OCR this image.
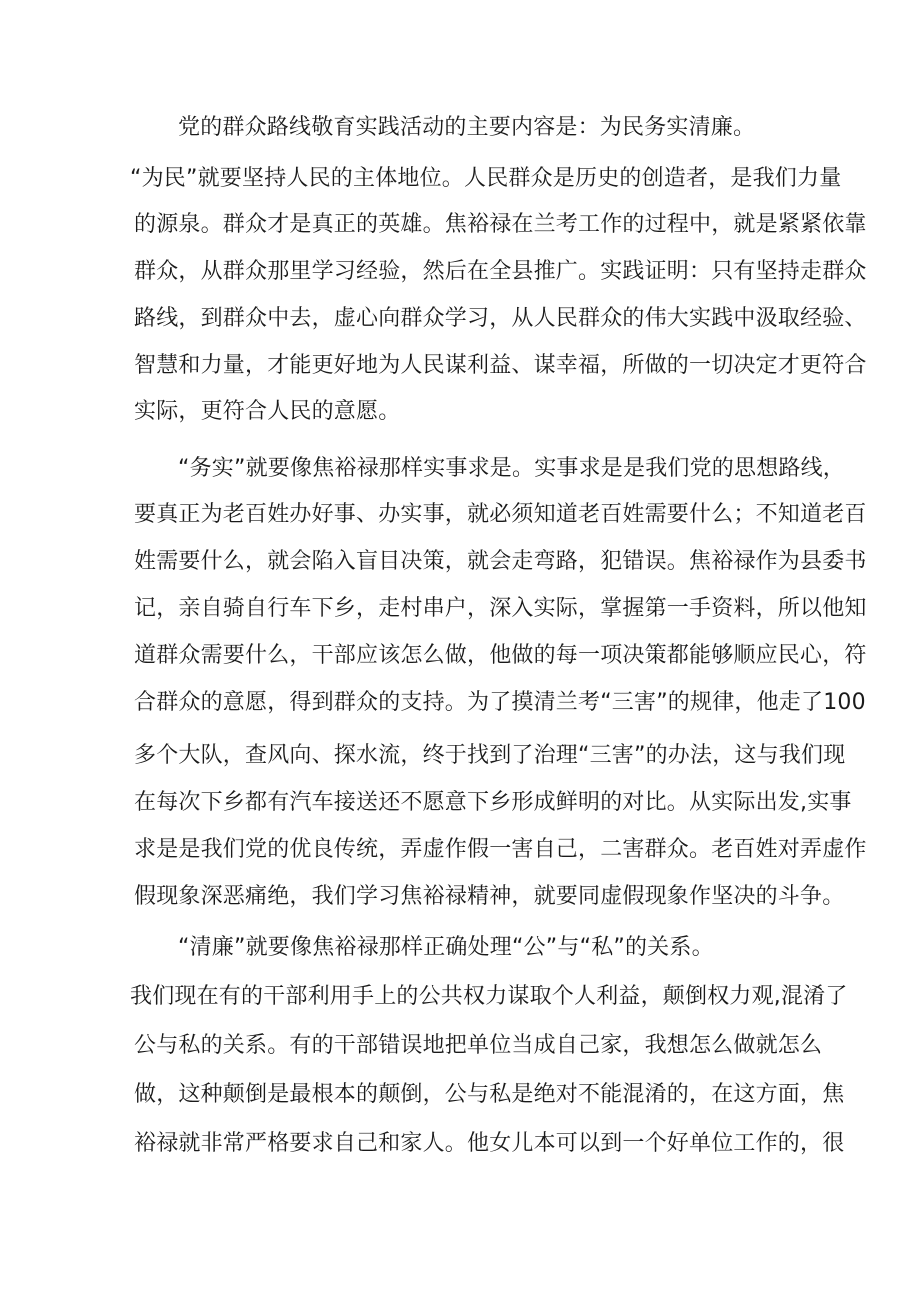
党的群众路线敬育实践活动的主要内容是：为民务实清廉。

“为民”就要坚持人民的主体地位。人民群众是历史的创造者，是我们力量

的源泉。群众才是真正的英雄。焦裕禄在兰考工作的过程中，就是紧紧依靠

群众，从群众那里学习经验，然后在全县推广。实践证明：只有坚持走群众

路线，到群众中去，虚心向群众学习，从人民群众的伟大实践中汲取经验、

智慧和力量，才能更好地为人民谋利益、谋幸福，所做的一切决定才更符合

实际，更符合人民的意愿。

“务实”就要像焦裕禄那样实事求是。实事求是是我们党的思想路线，

要真正为老百姓办好事、办实事，就必须知道老百姓需要什么；不知道老百

姓需要什么，就会陷入盲目决策，就会走弯路，犯错误。焦裕禄作为县委书

记，亲自骑自行车下乡，走村串户，深入实际，掌握第一手资料，所以他知

道群众需要什么，干部应该怎么做，他做的每一项决策都能够顺应民心，符

合群众的意愿，得到群众的支持。为了摸清兰考“三害”的规律，他走了100

多个大队，查风向、探水流，终于找到了治理“三害”的办法，这与我们现

在每次下乡都有汽车接送还不愿意下乡形成鲜明的对比。从实际出发,实事

求是是我们党的优良传统，弄虚作假一害自己，二害群众。老百姓对弄虚作

假现象深恶痛绝，我们学习焦裕禄精神，就要同虚假现象作坚决的斗争。

“清廉”就要像焦裕禄那样正确处理“公”与“私”的关系。

我们现在有的干部利用手上的公共权力谋取个人利益，颠倒权力观,混淆了

公与私的关系。有的干部错误地把单位当成自己家，我想怎么做就怎么

做，这种颠倒是最根本的颠倒，公与私是绝对不能混淆的，在这方面，焦

裕禄就非常严格要求自己和家人。他女儿本可以到一个好单位工作的，很
